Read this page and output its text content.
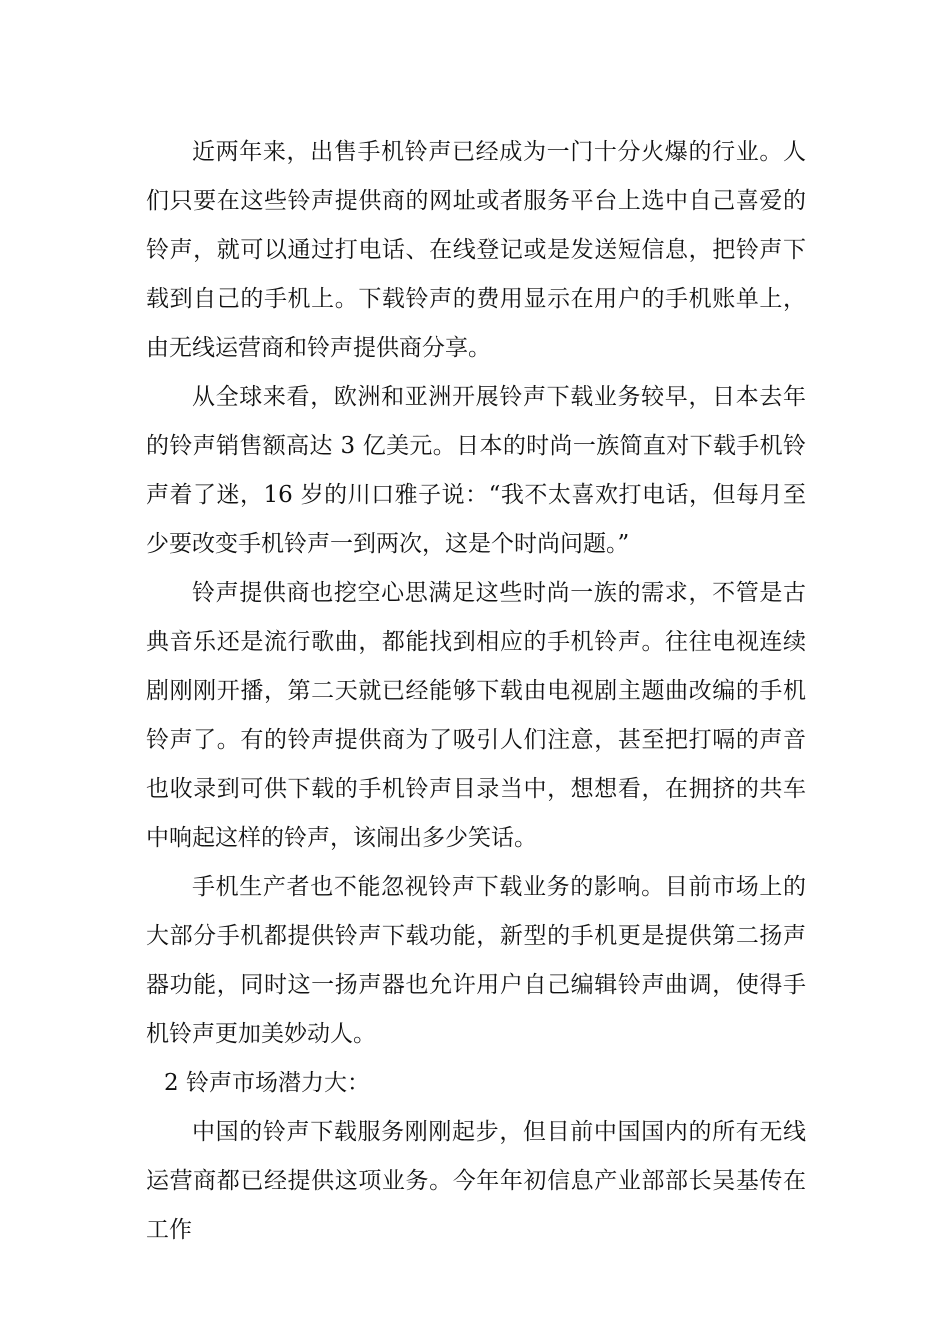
近两年来，出售手机铃声已经成为一门十分火爆的行业。人们只要在这些铃声提供商的网址或者服务平台上选中自己喜爱的铃声，就可以通过打电话、在线登记或是发送短信息，把铃声下载到自己的手机上。下载铃声的费用显示在用户的手机账单上，由无线运营商和铃声提供商分享。

从全球来看，欧洲和亚洲开展铃声下载业务较早，日本去年的铃声销售额高达 3 亿美元。日本的时尚一族简直对下载手机铃声着了迷，16 岁的川口雅子说：“我不太喜欢打电话，但每月至少要改变手机铃声一到两次，这是个时尚问题。”

铃声提供商也挖空心思满足这些时尚一族的需求，不管是古典音乐还是流行歌曲，都能找到相应的手机铃声。往往电视连续剧刚刚开播，第二天就已经能够下载由电视剧主题曲改编的手机铃声了。有的铃声提供商为了吸引人们注意，甚至把打嗝的声音也收录到可供下载的手机铃声目录当中，想想看，在拥挤的共车中响起这样的铃声，该闹出多少笑话。

手机生产者也不能忽视铃声下载业务的影响。目前市场上的大部分手机都提供铃声下载功能，新型的手机更是提供第二扬声器功能，同时这一扬声器也允许用户自己编辑铃声曲调，使得手机铃声更加美妙动人。

2 铃声市场潜力大：

中国的铃声下载服务刚刚起步，但目前中国国内的所有无线运营商都已经提供这项业务。今年年初信息产业部部长吴基传在工作
